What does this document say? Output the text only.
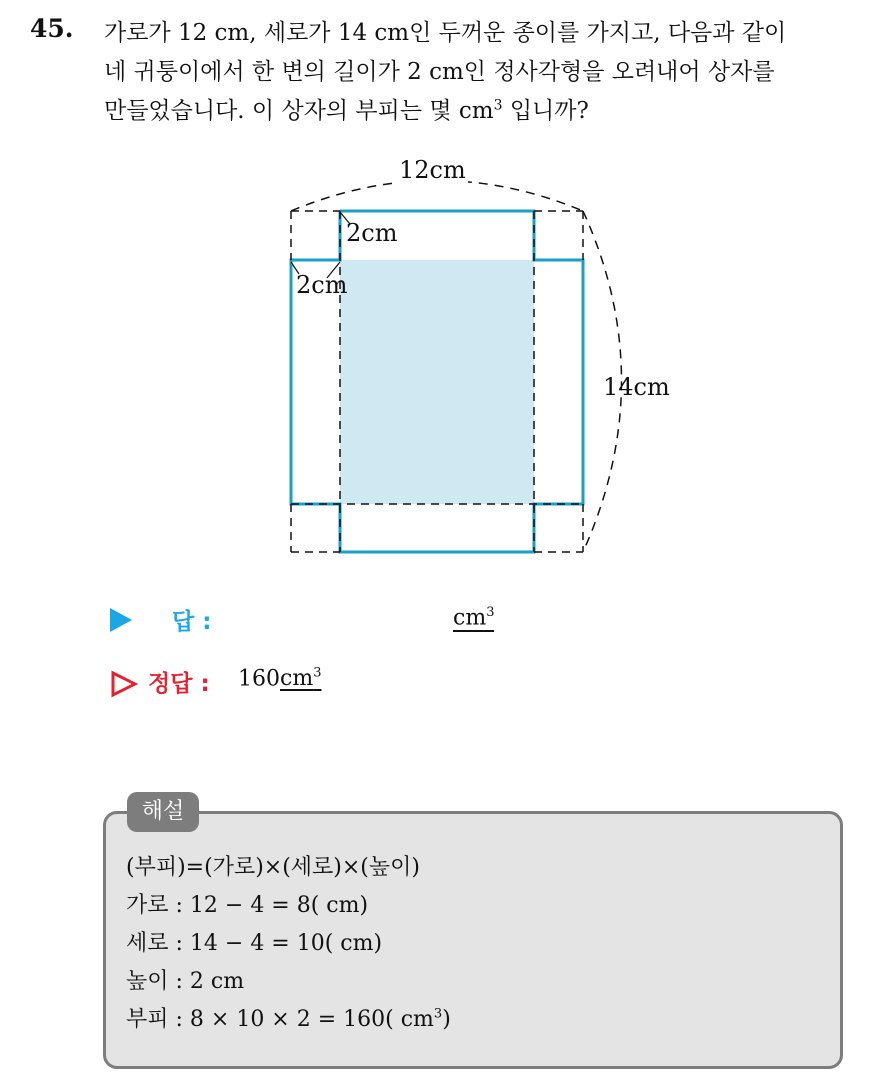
45. 가로가 12 cm, 세로가 14 cm인 두꺼운 종이를 가지고, 다음과 같이
네 귀퉁이에서 한 변의 길이가 2 cm인 정사각형을 오려내어 상자를
만들었습니다. 이 상자의 부피는 몇 $cm^3$ 입니까?
12cm
14cm
2cm
2cm
답 :	$cm^3$
정답 : $160cm^3$
해설
(부피)=(가로)×(세로)×(높이)
가로 : 12 − 4 = 8( cm)
세로 : 14 − 4 = 10( cm)
높이 : 2 cm
부피 : 8 × 10 × 2 = 160( $cm^3$)
